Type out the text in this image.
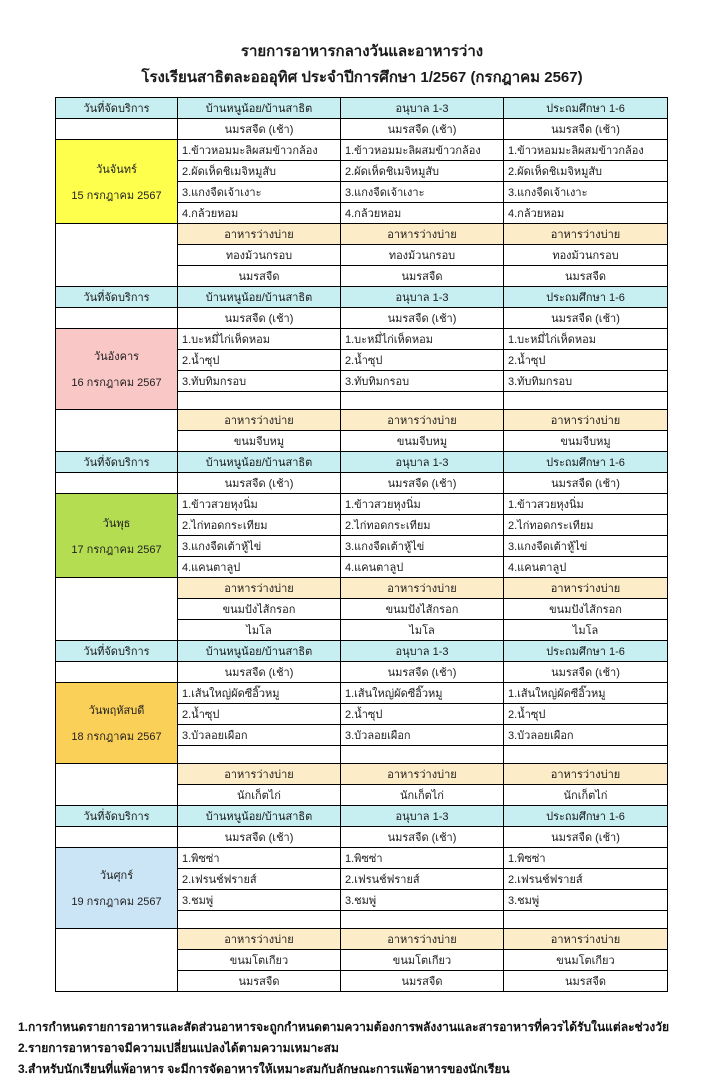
รายการอาหารกลางวันและอาหารว่าง
โรงเรียนสาธิตละอออุทิศ ประจำปีการศึกษา 1/2567 (กรกฎาคม 2567)
วันที่จัดบริการ	บ้านหนูน้อย/บ้านสาธิต	อนุบาล 1-3	ประถมศึกษา 1-6
	นมรสจืด (เช้า)	นมรสจืด (เช้า)	นมรสจืด (เช้า)

วันจันทร์
15 กรกฎาคม 2567	1.ข้าวหอมมะลิผสมข้าวกล้อง	1.ข้าวหอมมะลิผสมข้าวกล้อง	1.ข้าวหอมมะลิผสมข้าวกล้อง
	2.ผัดเห็ดชิเมจิหมูสับ	2.ผัดเห็ดชิเมจิหมูสับ	2.ผัดเห็ดชิเมจิหมูสับ
	3.แกงจืดเจ้าเงาะ	3.แกงจืดเจ้าเงาะ	3.แกงจืดเจ้าเงาะ
	4.กล้วยหอม	4.กล้วยหอม	4.กล้วยหอม
	อาหารว่างบ่าย	อาหารว่างบ่าย	อาหารว่างบ่าย
	ทองม้วนกรอบ	ทองม้วนกรอบ	ทองม้วนกรอบ
	นมรสจืด	นมรสจืด	นมรสจืด
วันที่จัดบริการ	บ้านหนูน้อย/บ้านสาธิต	อนุบาล 1-3	ประถมศึกษา 1-6
	นมรสจืด (เช้า)	นมรสจืด (เช้า)	นมรสจืด (เช้า)

วันอังคาร
16 กรกฎาคม 2567	1.บะหมี่ไก่เห็ดหอม	1.บะหมี่ไก่เห็ดหอม	1.บะหมี่ไก่เห็ดหอม
	2.น้ำซุป	2.น้ำซุป	2.น้ำซุป
	3.ทับทิมกรอบ	3.ทับทิมกรอบ	3.ทับทิมกรอบ

	อาหารว่างบ่าย	อาหารว่างบ่าย	อาหารว่างบ่าย
	ขนมจีบหมู	ขนมจีบหมู	ขนมจีบหมู
วันที่จัดบริการ	บ้านหนูน้อย/บ้านสาธิต	อนุบาล 1-3	ประถมศึกษา 1-6
	นมรสจืด (เช้า)	นมรสจืด (เช้า)	นมรสจืด (เช้า)

วันพุธ
17 กรกฎาคม 2567	1.ข้าวสวยหุงนิ่ม	1.ข้าวสวยหุงนิ่ม	1.ข้าวสวยหุงนิ่ม
	2.ไก่ทอดกระเทียม	2.ไก่ทอดกระเทียม	2.ไก่ทอดกระเทียม
	3.แกงจืดเต้าหู้ไข่	3.แกงจืดเต้าหู้ไข่	3.แกงจืดเต้าหู้ไข่
	4.แคนตาลูป	4.แคนตาลูป	4.แคนตาลูป
	อาหารว่างบ่าย	อาหารว่างบ่าย	อาหารว่างบ่าย
	ขนมปังไส้กรอก	ขนมปังไส้กรอก	ขนมปังไส้กรอก
	ไมโล	ไมโล	ไมโล
วันที่จัดบริการ	บ้านหนูน้อย/บ้านสาธิต	อนุบาล 1-3	ประถมศึกษา 1-6
	นมรสจืด (เช้า)	นมรสจืด (เช้า)	นมรสจืด (เช้า)

วันพฤหัสบดี
18 กรกฎาคม 2567	1.เส้นใหญ่ผัดซีอิ๊วหมู	1.เส้นใหญ่ผัดซีอิ๊วหมู	1.เส้นใหญ่ผัดซีอิ๊วหมู
	2.น้ำซุป	2.น้ำซุป	2.น้ำซุป
	3.บัวลอยเผือก	3.บัวลอยเผือก	3.บัวลอยเผือก

	อาหารว่างบ่าย	อาหารว่างบ่าย	อาหารว่างบ่าย
	นักเก็ตไก่	นักเก็ตไก่	นักเก็ตไก่
วันที่จัดบริการ	บ้านหนูน้อย/บ้านสาธิต	อนุบาล 1-3	ประถมศึกษา 1-6
	นมรสจืด (เช้า)	นมรสจืด (เช้า)	นมรสจืด (เช้า)

วันศุกร์
19 กรกฎาคม 2567	1.พิซซ่า	1.พิซซ่า	1.พิซซ่า
	2.เฟรนช์ฟรายส์	2.เฟรนช์ฟรายส์	2.เฟรนช์ฟรายส์
	3.ชมพู่	3.ชมพู่	3.ชมพู่

	อาหารว่างบ่าย	อาหารว่างบ่าย	อาหารว่างบ่าย
	ขนมโตเกียว	ขนมโตเกียว	ขนมโตเกียว
	นมรสจืด	นมรสจืด	นมรสจืด
1.การกำหนดรายการอาหารและสัดส่วนอาหารจะถูกกำหนดตามความต้องการพลังงานและสารอาหารที่ควรได้รับในแต่ละช่วงวัย
2.รายการอาหารอาจมีความเปลี่ยนแปลงได้ตามความเหมาะสม
3.สำหรับนักเรียนที่แพ้อาหาร จะมีการจัดอาหารให้เหมาะสมกับลักษณะการแพ้อาหารของนักเรียน
